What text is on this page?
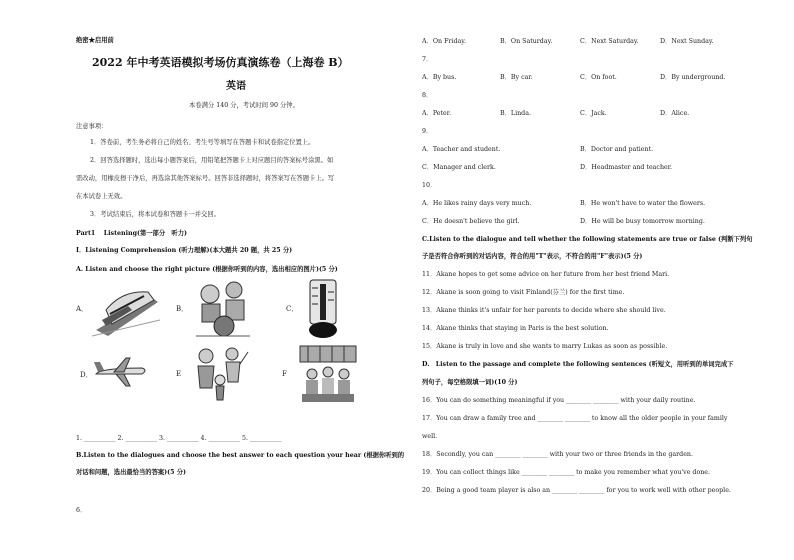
绝密★启用前
2022 年中考英语模拟考场仿真演练卷（上海卷 B）
英语
本卷满分 140 分，考试时间 90 分钟。
注意事项：
1．答卷前，考生务必将自己的姓名、考生号等填写在答题卡和试卷指定位置上。
2．回答选择题时，选出每小题答案后，用铅笔把答题卡上对应题目的答案标号涂黑。如
需改动，用橡皮擦干净后，再选涂其他答案标号。回答非选择题时，将答案写在答题卡上。写
在本试卷上无效。
3．考试结束后，将本试卷和答题卡一并交回。
Part1　 Listening(第一部分　听力)
I．Listening Comprehension (听力理解)(本大题共 20 题，共 25 分)
A. Listen and choose the right picture (根据你听到的内容，选出相应的图片)(5 分)
A．	B．	C．
D．	E	F
1. __________ 2. __________ 3. __________ 4. __________ 5. __________
B.Listen to the dialogues and choose the best answer to each question your hear (根据你听到的
对话和问题，选出最恰当的答案)(5 分)
6．
A．On Friday.	B．On Saturday.	C．Next Saturday.	D．Next Sunday.
7．
A．By bus.	B．By car.	C．On foot.	D．By underground.
8．
A．Peter.	B．Linda.	C．Jack.	D．Alice.
9．
A．Teacher and student.	B．Doctor and patient.
C．Manager and clerk.	D．Headmaster and teacher.
10．
A．He likes rainy days very much.	B．He won't have to water the flowers.
C．He doesn't believe the girl.	D．He will be busy tomorrow morning.
C.Listen to the dialogue and tell whether the following statements are true or false (判断下列句
子是否符合你听到的对话内容，符合的用"T"表示，不符合的用"F"表示)(5 分)
11．Akane hopes to get some advice on her future from her best friend Mari.
12．Akane is soon going to visit Finland(芬兰) for the first time.
13．Akane thinks it's unfair for her parents to decide where she should live.
14．Akane thinks that staying in Paris is the best solution.
15．Akane is truly in love and she wants to marry Lukas as soon as possible.
D.　Listen to the passage and complete the following sentences (听短文，用听到的单词完成下
列句子，每空格限填一词)(10 分)
16．You can do something meaningful if you ________ ________ with your daily routine.
17．You can draw a family tree and ________ ________ to know all the older people in your family
well.
18．Secondly, you can ________ ________ with your two or three friends in the garden.
19．You can collect things like ________ ________ to make you remember what you've done.
20．Being a good team player is also an ________ ________ for you to work well with other people.
